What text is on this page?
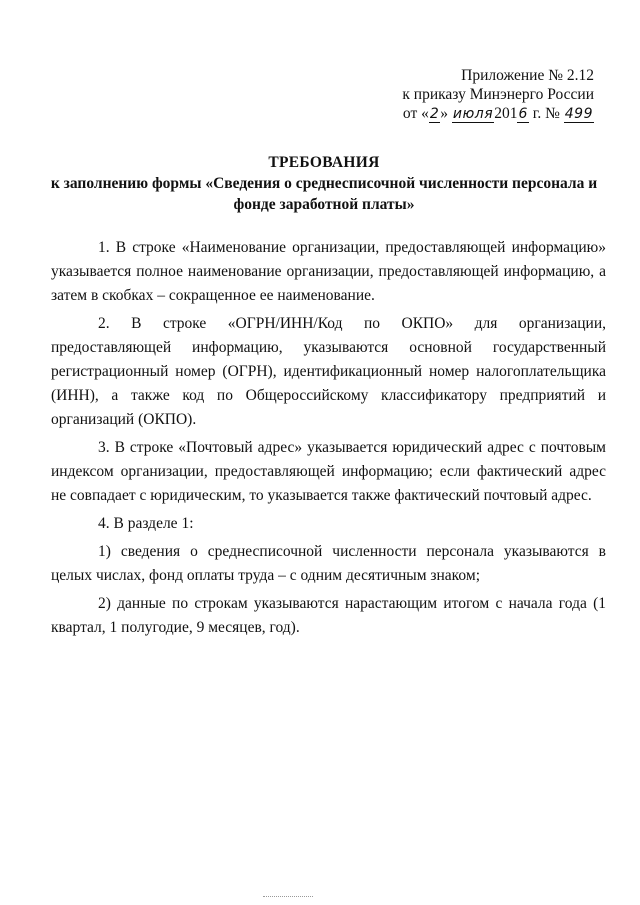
Приложение № 2.12
к приказу Минэнерго России
от «2» июля2016 г. № 499
ТРЕБОВАНИЯ
к заполнению формы «Сведения о среднесписочной численности персонала и фонде заработной платы»

1. В строке «Наименование организации, предоставляющей информацию» указывается полное наименование организации, предоставляющей информацию, а затем в скобках – сокращенное ее наименование.

2. В строке «ОГРН/ИНН/Код по ОКПО» для организации, предоставляющей информацию, указываются основной государственный регистрационный номер (ОГРН), идентификационный номер налогоплательщика (ИНН), а также код по Общероссийскому классификатору предприятий и организаций (ОКПО).

3. В строке «Почтовый адрес» указывается юридический адрес с почтовым индексом организации, предоставляющей информацию; если фактический адрес не совпадает с юридическим, то указывается также фактический почтовый адрес.

4. В разделе 1:

1) сведения о среднесписочной численности персонала указываются в целых числах, фонд оплаты труда – с одним десятичным знаком;

2) данные по строкам указываются нарастающим итогом с начала года (1 квартал, 1 полугодие, 9 месяцев, год).
